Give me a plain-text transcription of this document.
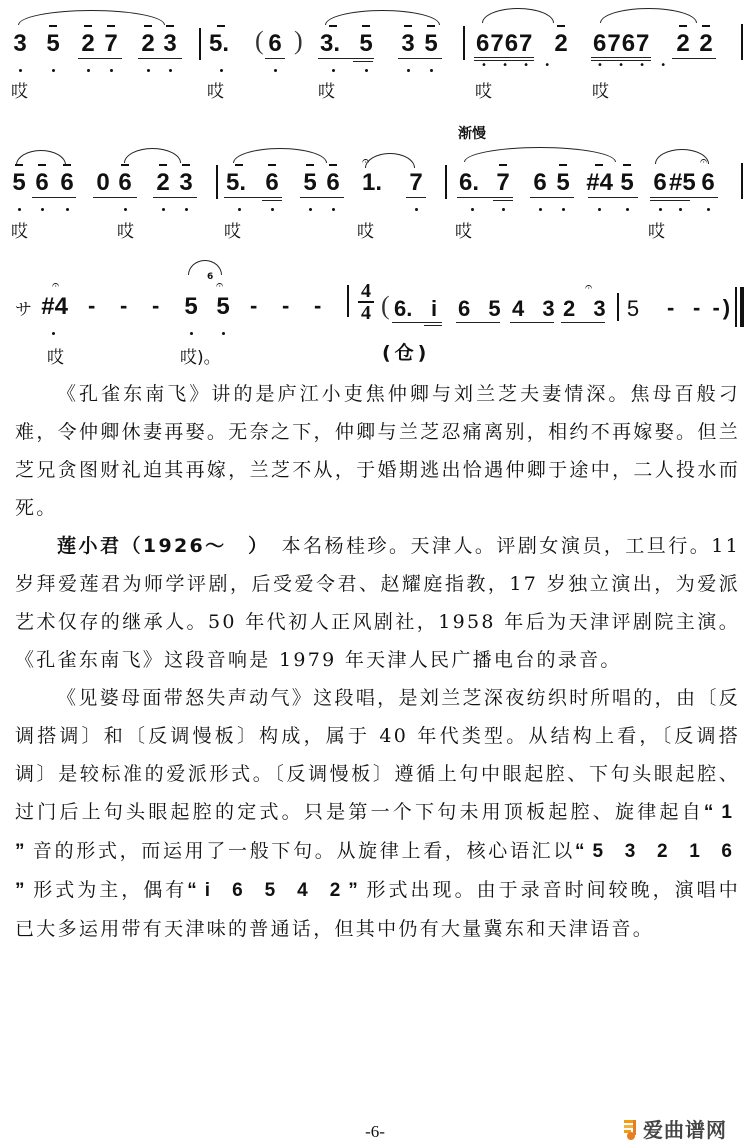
3 5 2 7 2 3 5. ( 6 ) 3. 5 3 5 6767
• • • •
2 6767
• • • •
2 2
哎	哎	哎	哎	哎
渐慢
5 6 6 0 6 2 3 5. 6 5 6
𝄐
1. 7 6. 7 6 5 #4 5 6 #5
𝄐
6
哎	哎	哎	哎	哎	哎
サ
𝄐
#4 - - - 5
6
𝄐
5 - - -
4
4 ( 6. i 6 5 4 3
𝄐
2 3 5 - - -)
哎	哎)。	(仓)

《孔雀东南飞》讲的是庐江小吏焦仲卿与刘兰芝夫妻情深。焦母百般刁难，令仲卿休妻再娶。无奈之下，仲卿与兰芝忍痛离别，相约不再嫁娶。但兰芝兄贪图财礼迫其再嫁，兰芝不从，于婚期逃出恰遇仲卿于途中，二人投水而死。

莲小君（1926～　）　本名杨桂珍。天津人。评剧女演员，工旦行。11 岁拜爱莲君为师学评剧，后受爱令君、赵耀庭指教，17 岁独立演出，为爱派艺术仅存的继承人。50 年代初人正风剧社，1958 年后为天津评剧院主演。《孔雀东南飞》这段音响是 1979 年天津人民广播电台的录音。

《见婆母面带怒失声动气》这段唱，是刘兰芝深夜纺织时所唱的，由〔反调搭调〕和〔反调慢板〕构成，属于 40 年代类型。从结构上看，〔反调搭调〕是较标准的爱派形式。〔反调慢板〕遵循上句中眼起腔、下句头眼起腔、过门后上句头眼起腔的定式。只是第一个下句未用顶板起腔、旋律起自“1 ”音的形式，而运用了一般下句。从旋律上看，核心语汇以“5 3 2 1 6 ”形式为主，偶有“i 6 5 4 2”形式出现。由于录音时间较晚，演唱中已大多运用带有天津味的普通话，但其中仍有大量冀东和天津语音。

-6-	爱曲谱网
